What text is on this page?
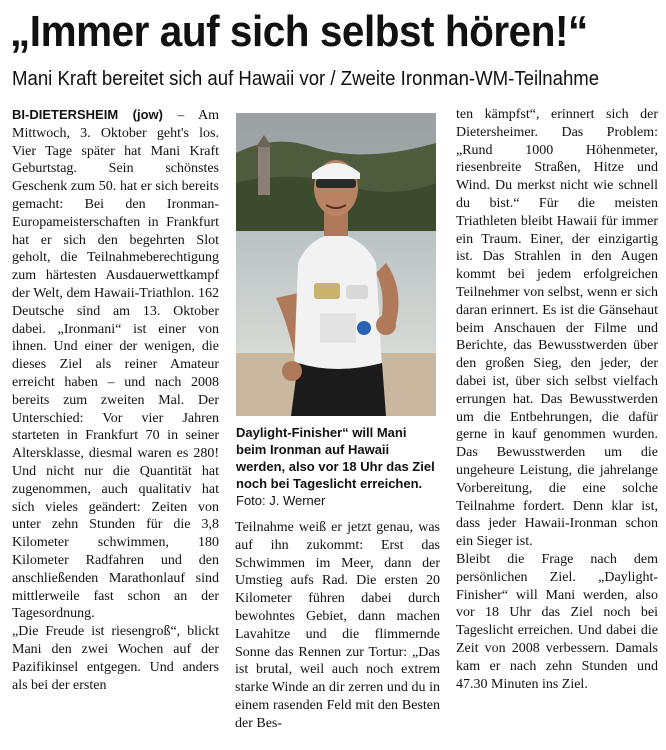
„Immer auf sich selbst hören!“
Mani Kraft bereitet sich auf Hawaii vor / Zweite Ironman-WM-Teilnahme

BI-DIETERSHEIM (jow) – Am Mittwoch, 3. Oktober geht's los. Vier Tage später hat Mani Kraft Geburtstag. Sein schönstes Geschenk zum 50. hat er sich bereits gemacht: Bei den Ironman-Europameisterschaften in Frankfurt hat er sich den begehrten Slot geholt, die Teilnahmeberechtigung zum härtesten Ausdauerwettkampf der Welt, dem Hawaii-Triathlon. 162 Deutsche sind am 13. Oktober dabei. „Ironmani“ ist einer von ihnen. Und einer der wenigen, die dieses Ziel als reiner Amateur erreicht haben – und nach 2008 bereits zum zweiten Mal. Der Unterschied: Vor vier Jahren starteten in Frankfurt 70 in seiner Altersklasse, diesmal waren es 280! Und nicht nur die Quantität hat zugenommen, auch qualitativ hat sich vieles geändert: Zeiten von unter zehn Stunden für die 3,8 Kilometer schwimmen, 180 Kilometer Radfahren und den anschließenden Marathonlauf sind mittlerweile fast schon an der Tagesordnung.

„Die Freude ist riesengroß“, blickt Mani den zwei Wochen auf der Pazifikinsel entgegen. Und anders als bei der ersten

Daylight-Finisher“ will Mani beim Ironman auf Hawaii werden, also vor 18 Uhr das Ziel noch bei Tageslicht erreichen. Foto: J. Werner

Teilnahme weiß er jetzt genau, was auf ihn zukommt: Erst das Schwimmen im Meer, dann der Umstieg aufs Rad. Die ersten 20 Kilometer führen dabei durch bewohntes Gebiet, dann machen Lavahitze und die flimmernde Sonne das Rennen zur Tortur: „Das ist brutal, weil auch noch extrem starke Winde an dir zerren und du in einem rasenden Feld mit den Besten der Bes-

ten kämpfst“, erinnert sich der Dietersheimer. Das Problem: „Rund 1000 Höhenmeter, riesenbreite Straßen, Hitze und Wind. Du merkst nicht wie schnell du bist.“ Für die meisten Triathleten bleibt Hawaii für immer ein Traum. Einer, der einzigartig ist. Das Strahlen in den Augen kommt bei jedem erfolgreichen Teilnehmer von selbst, wenn er sich daran erinnert. Es ist die Gänsehaut beim Anschauen der Filme und Berichte, das Bewusstwerden über den großen Sieg, den jeder, der dabei ist, über sich selbst vielfach errungen hat. Das Bewusstwerden um die Entbehrungen, die dafür gerne in kauf genommen wurden. Das Bewusstwerden um die ungeheure Leistung, die jahrelange Vorbereitung, die eine solche Teilnahme fordert. Denn klar ist, dass jeder Hawaii-Ironman schon ein Sieger ist.

Bleibt die Frage nach dem persönlichen Ziel. „Daylight-Finisher“ will Mani werden, also vor 18 Uhr das Ziel noch bei Tageslicht erreichen. Und dabei die Zeit von 2008 verbessern. Damals kam er nach zehn Stunden und 47.30 Minuten ins Ziel.
